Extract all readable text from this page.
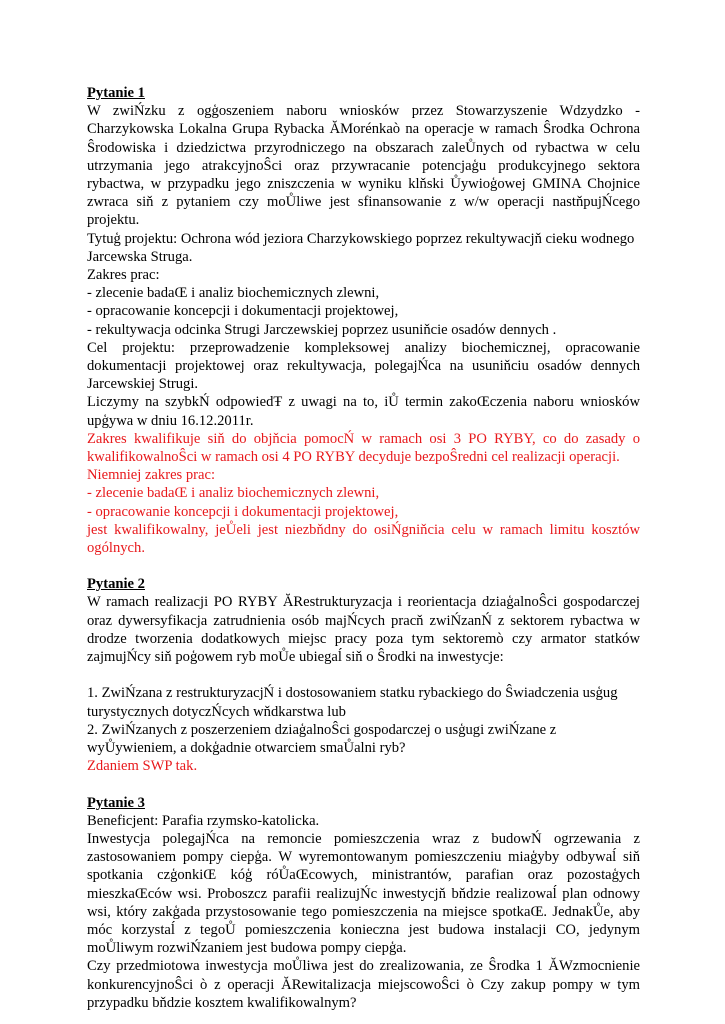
Pytanie 1

W zwiŃzku z ogģoszeniem naboru wniosków przez Stowarzyszenie Wdzydzko - Charzykowska Lokalna Grupa Rybacka ĂMorénkaò na operacje w ramach Ŝrodka Ochrona Ŝrodowiska i dziedzictwa przyrodniczego na obszarach zaleŮnych od rybactwa w celu utrzymania jego atrakcyjnoŜci oraz przywracanie potencjaģu produkcyjnego sektora rybactwa, w przypadku jego zniszczenia w wyniku klňski Ůywioģowej GMINA Chojnice zwraca siň z pytaniem czy moŮliwe jest sfinansowanie z w/w operacji nastňpujŃcego projektu.

Tytuģ projektu: Ochrona wód jeziora Charzykowskiego poprzez rekultywacjň cieku wodnego Jarcewska Struga.

Zakres prac:

- zlecenie badaŒ i analiz biochemicznych zlewni,

- opracowanie koncepcji i dokumentacji projektowej,

- rekultywacja odcinka Strugi Jarczewskiej poprzez usuniňcie osadów dennych .

Cel projektu: przeprowadzenie kompleksowej analizy biochemicznej, opracowanie dokumentacji projektowej oraz rekultywacja, polegajŃca na usuniňciu osadów dennych Jarcewskiej Strugi.

Liczymy na szybkŃ odpowiedŦ z uwagi na to, iŮ termin zakoŒczenia naboru wniosków upģywa w dniu 16.12.2011r.

Zakres kwalifikuje siň do objňcia pomocŃ w ramach osi 3 PO RYBY, co do zasady o kwalifikowalnoŜci w ramach osi 4 PO RYBY decyduje bezpoŜredni cel realizacji operacji.

Niemniej zakres prac:

- zlecenie badaŒ i analiz biochemicznych zlewni,

- opracowanie koncepcji i dokumentacji projektowej,

jest kwalifikowalny, jeŮeli jest niezbňdny do osiŃgniňcia celu w ramach limitu kosztów ogólnych.

Pytanie 2

W ramach realizacji PO RYBY ĂRestrukturyzacja i reorientacja dziaģalnoŜci gospodarczej oraz dywersyfikacja zatrudnienia osób majŃcych pracň zwiŃzanŃ z sektorem rybactwa w drodze tworzenia dodatkowych miejsc pracy poza tym sektoremò czy armator statków zajmujŃcy siň poģowem ryb moŮe ubiegaĺ siň o Ŝrodki na inwestycje:

1. ZwiŃzana z restrukturyzacjŃ i dostosowaniem statku rybackiego do Ŝwiadczenia usģug turystycznych dotyczŃcych wňdkarstwa lub

2. ZwiŃzanych z poszerzeniem dziaģalnoŜci gospodarczej o usģugi zwiŃzane z wyŮywieniem, a dokģadnie otwarciem smaŮalni ryb?

Zdaniem SWP tak.

Pytanie 3

Beneficjent: Parafia rzymsko-katolicka.

Inwestycja polegajŃca na remoncie pomieszczenia wraz z budowŃ ogrzewania z zastosowaniem pompy ciepģa. W wyremontowanym pomieszczeniu miaģyby odbywaĺ siň spotkania czģonkiŒ kóģ róŮaŒcowych, ministrantów, parafian oraz pozostaģych mieszkaŒców wsi. Proboszcz parafii realizujŃc inwestycjň bňdzie realizowaĺ plan odnowy wsi, który zakģada przystosowanie tego pomieszczenia na miejsce spotkaŒ. JednakŮe, aby móc korzystaĺ z tegoŮ pomieszczenia konieczna jest budowa instalacji CO, jedynym moŮliwym rozwiŃzaniem jest budowa pompy ciepģa.

Czy przedmiotowa inwestycja moŮliwa jest do zrealizowania, ze Ŝrodka 1 ĂWzmocnienie konkurencyjnoŜci ò z operacji ĂRewitalizacja miejscowoŜci ò Czy zakup pompy w tym przypadku bňdzie kosztem kwalifikowalnym?
